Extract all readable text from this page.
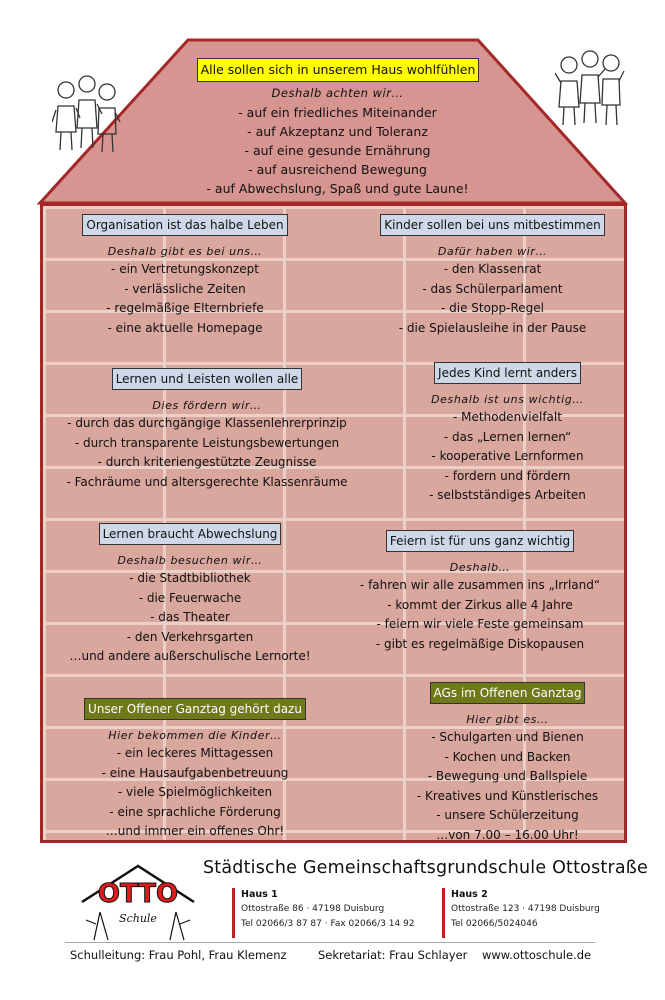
Alle sollen sich in unserem Haus wohlfühlen
Deshalb achten wir…
- auf ein friedliches Miteinander
- auf Akzeptanz und Toleranz
- auf eine gesunde Ernährung
- auf ausreichend Bewegung
- auf Abwechslung, Spaß und gute Laune!
Organisation ist das halbe Leben
Deshalb gibt es bei uns…
- ein Vertretungskonzept
- verlässliche Zeiten
- regelmäßige Elternbriefe
- eine aktuelle Homepage
Kinder sollen bei uns mitbestimmen
Dafür haben wir…
- den Klassenrat
- das Schülerparlament
- die Stopp-Regel
- die Spielausleihe in der Pause
Lernen und Leisten wollen alle
Dies fördern wir…
- durch das durchgängige Klassenlehrerprinzip
- durch transparente Leistungsbewertungen
- durch kriteriengestützte Zeugnisse
- Fachräume und altersgerechte Klassenräume
Jedes Kind lernt anders
Deshalb ist uns wichtig…
- Methodenvielfalt
- das „Lernen lernen“
- kooperative Lernformen
- fordern und fördern
- selbstständiges Arbeiten
Lernen braucht Abwechslung
Deshalb besuchen wir…
- die Stadtbibliothek
- die Feuerwache
- das Theater
- den Verkehrsgarten
…und andere außerschulische Lernorte!
Feiern ist für uns ganz wichtig
Deshalb…
- fahren wir alle zusammen ins „Irrland“
- kommt der Zirkus alle 4 Jahre
- feiern wir viele Feste gemeinsam
- gibt es regelmäßige Diskopausen
Unser Offener Ganztag gehört dazu
Hier bekommen die Kinder…
- ein leckeres Mittagessen
- eine Hausaufgabenbetreuung
- viele Spielmöglichkeiten
- eine sprachliche Förderung
…und immer ein offenes Ohr!
AGs im Offenen Ganztag
Hier gibt es…
- Schulgarten und Bienen
- Kochen und Backen
- Bewegung und Ballspiele
- Kreatives und Künstlerisches
- unsere Schülerzeitung
…von 7.00 – 16.00 Uhr!
OTTO
Schule
Städtische Gemeinschaftsgrundschule Ottostraße
Haus 1
Ottostraße 86 · 47198 Duisburg
Tel 02066/3 87 87 · Fax 02066/3 14 92
Haus 2
Ottostraße 123 · 47198 Duisburg
Tel 02066/5024046
Schulleitung: Frau Pohl, Frau Klemenz	Sekretariat: Frau Schlayer www.ottoschule.de
